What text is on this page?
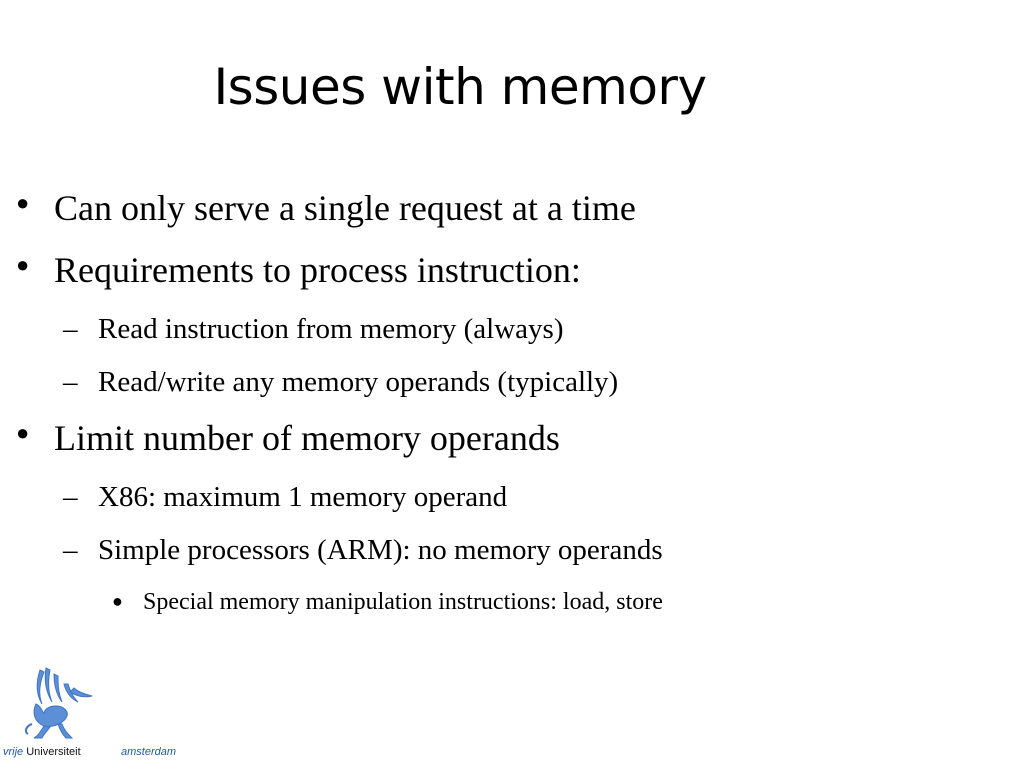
Issues with memory
● Can only serve a single request at a time
● Requirements to process instruction:
– Read instruction from memory (always)
– Read/write any memory operands (typically)
● Limit number of memory operands
– X86: maximum 1 memory operand
– Simple processors (ARM): no memory operands
● Special memory manipulation instructions: load, store
vrije Universiteit	amsterdam
